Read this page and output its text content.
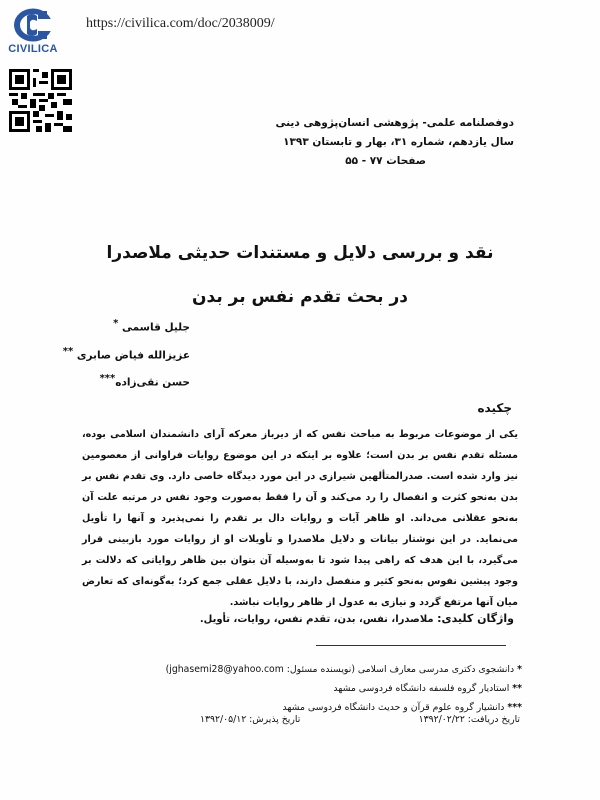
CIVILICA
https://civilica.com/doc/2038009/
دوفصلنامه علمی- پژوهشی انسان‌پژوهی دینی
سال یازدهم، شماره ۳۱، بهار و تابستان ۱۳۹۳
صفحات ۷۷ - ۵۵
نقد و بررسی دلایل و مستندات حدیثی ملاصدرا
در بحث تقدم نفس بر بدن
جلیل قاسمی *
عزیزالله فیاض صابری **
حسن نقی‌زاده***
چکیده
یکی از موضوعات مربوط به مباحث نفس که از دیرباز معرکه آرای دانشمندان اسلامی بوده، مسئله تقدم نفس بر بدن است؛ علاوه بر اینکه در این موضوع روایات فراوانی از معصومین نیز وارد شده است. صدرالمتألهین شیرازی در این مورد دیدگاه خاصی دارد. وی تقدم نفس بر بدن به‌نحو کثرت و انفصال را رد می‌کند و آن را فقط به‌صورت وجود نفس در مرتبه علت آن به‌نحو عقلانی می‌داند. او ظاهر آیات و روایات دال بر تقدم را نمی‌پذیرد و آنها را تأویل می‌نماید. در این نوشتار بیانات و دلایل ملاصدرا و تأویلات او از روایات مورد بازبینی قرار می‌گیرد، با این هدف که راهی پیدا شود تا به‌وسیله آن بتوان بین ظاهر روایاتی که دلالت بر وجود پیشین نفوس به‌نحو کثیر و منفصل دارند، با دلایل عقلی جمع کرد؛ به‌گونه‌ای که تعارض میان آنها مرتفع گردد و نیازی به عدول از ظاهر روایات نباشد.
واژگان کلیدی: ملاصدرا، نفس، بدن، تقدم نفس، روایات، تأویل.
* دانشجوی دکتری مدرسی معارف اسلامی (نویسنده مسئول: jghasemi28@yahoo.com)
** استادیار گروه فلسفه دانشگاه فردوسی مشهد
*** دانشیار گروه علوم قرآن و حدیث دانشگاه فردوسی مشهد
تاریخ دریافت: ۱۳۹۲/۰۲/۲۲
تاریخ پذیرش: ۱۳۹۲/۰۵/۱۲
